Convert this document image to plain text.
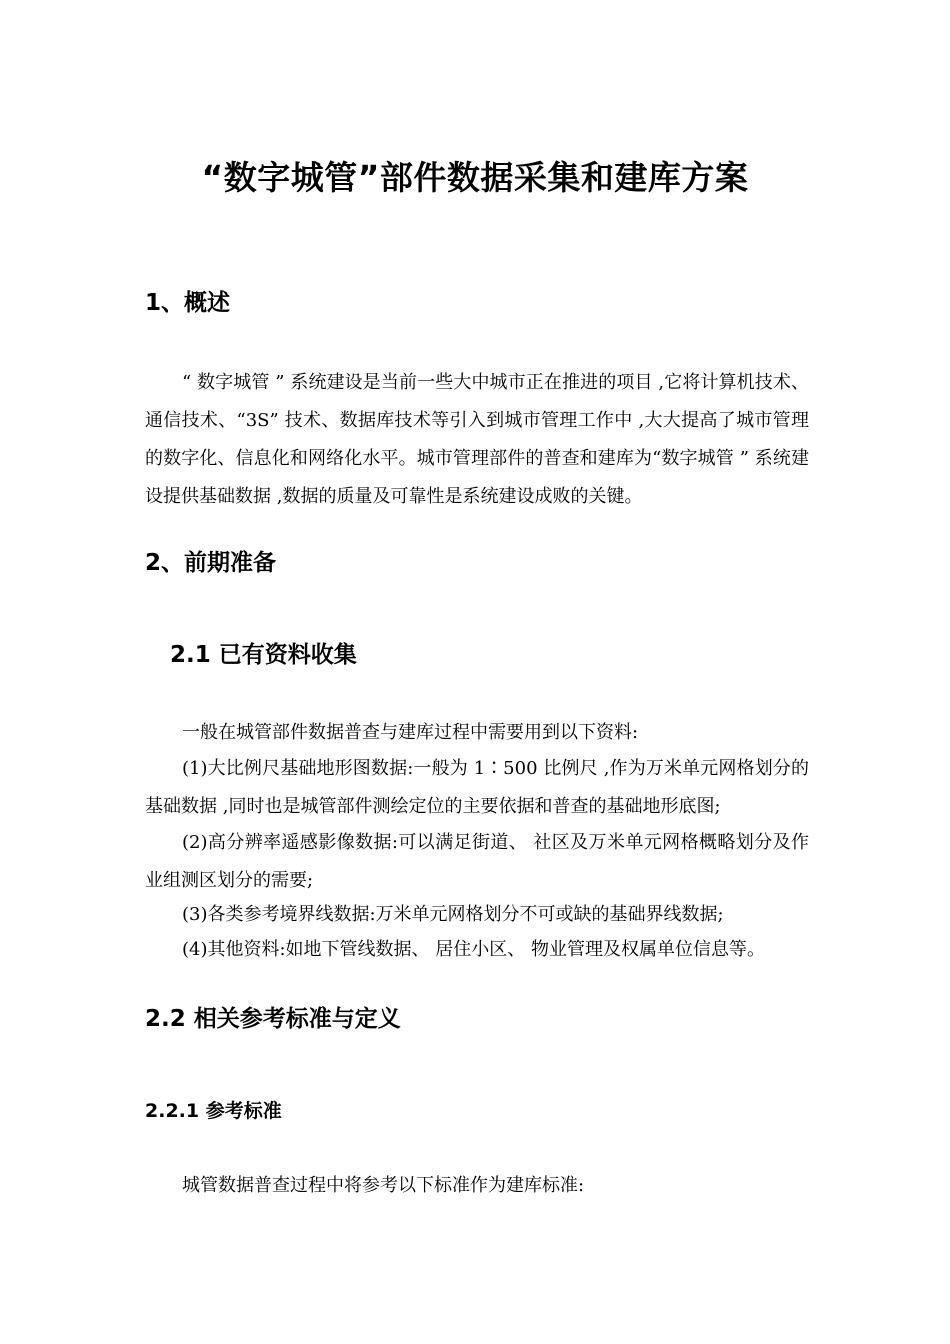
“数字城管”部件数据采集和建库方案
1、概述

“ 数字城管 ” 系统建设是当前一些大中城市正在推进的项目 ,它将计算机技术、通信技术、“3S” 技术、数据库技术等引入到城市管理工作中 ,大大提高了城市管理的数字化、信息化和网络化水平。城市管理部件的普查和建库为“数字城管 ” 系统建设提供基础数据 ,数据的质量及可靠性是系统建设成败的关键。

2、前期准备
2.1 已有资料收集

一般在城管部件数据普查与建库过程中需要用到以下资料:

(1)大比例尺基础地形图数据:一般为 1∶500 比例尺 ,作为万米单元网格划分的基础数据 ,同时也是城管部件测绘定位的主要依据和普查的基础地形底图;

(2)高分辨率遥感影像数据:可以满足街道、 社区及万米单元网格概略划分及作业组测区划分的需要;

(3)各类参考境界线数据:万米单元网格划分不可或缺的基础界线数据;

(4)其他资料:如地下管线数据、 居住小区、 物业管理及权属单位信息等。

2.2 相关参考标准与定义
2.2.1 参考标准

城管数据普查过程中将参考以下标准作为建库标准:
